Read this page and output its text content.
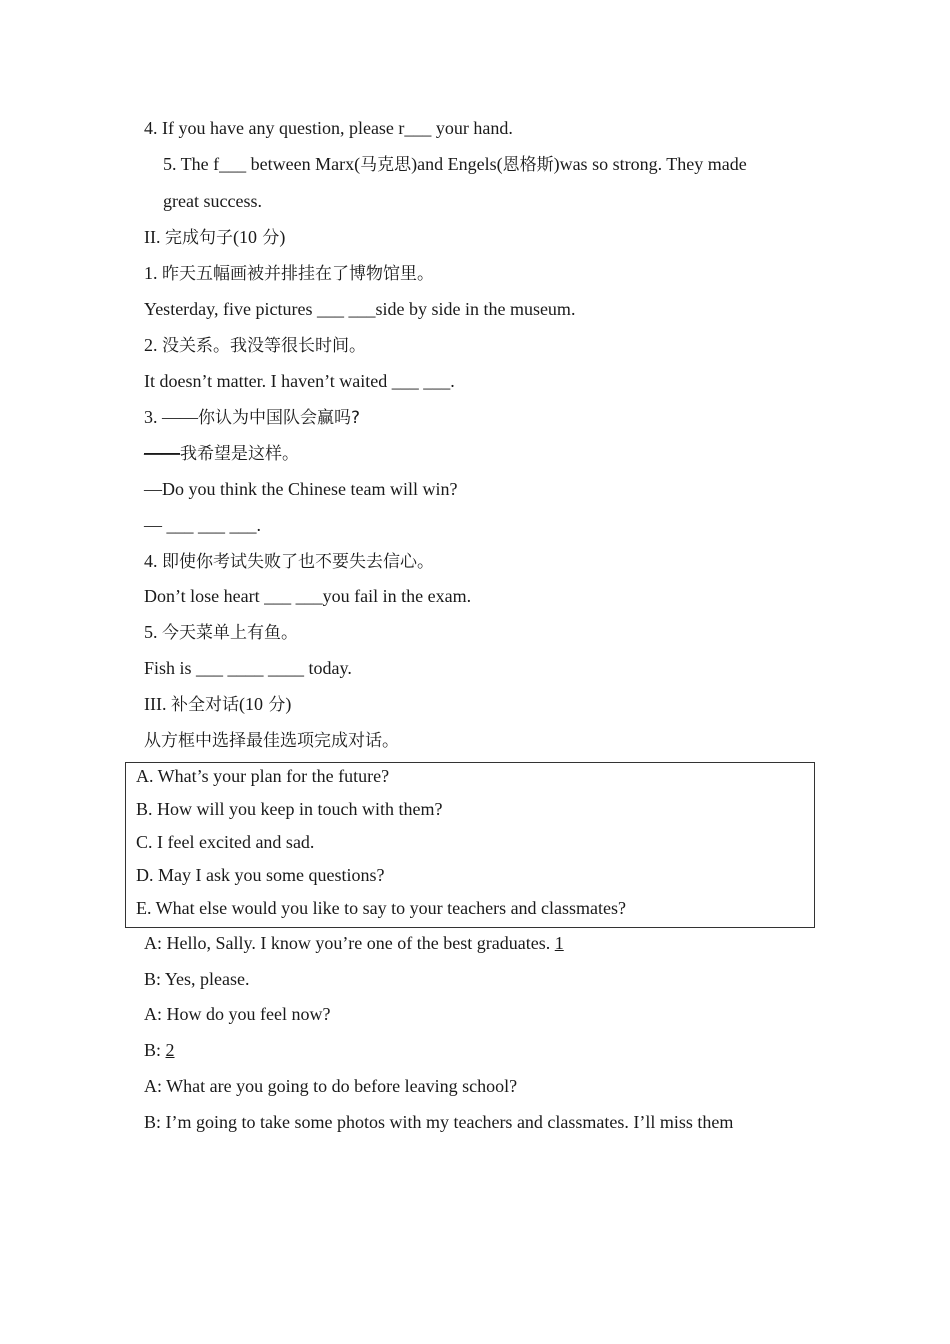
4. If you have any question, please r___ your hand.
5. The f___ between Marx(马克思)and Engels(恩格斯)was so strong. They made
great success.
II. 完成句子(10 分)
1. 昨天五幅画被并排挂在了博物馆里。
Yesterday, five pictures ___ ___side by side in the museum.
2. 没关系。我没等很长时间。
It doesn’t matter. I haven’t waited ___ ___.
3. ——你认为中国队会赢吗?
——我希望是这样。
—Do you think the Chinese team will win?
— ___ ___ ___.
4. 即使你考试失败了也不要失去信心。
Don’t lose heart ___ ___you fail in the exam.
5. 今天菜单上有鱼。
Fish is ___ ____ ____ today.
III. 补全对话(10 分)
从方框中选择最佳选项完成对话。
A. What’s your plan for the future?
B. How will you keep in touch with them?
C. I feel excited and sad.
D. May I ask you some questions?
E. What else would you like to say to your teachers and classmates?
A: Hello, Sally. I know you’re one of the best graduates. 1
B: Yes, please.
A: How do you feel now?
B: 2
A: What are you going to do before leaving school?
B: I’m going to take some photos with my teachers and classmates. I’ll miss them
